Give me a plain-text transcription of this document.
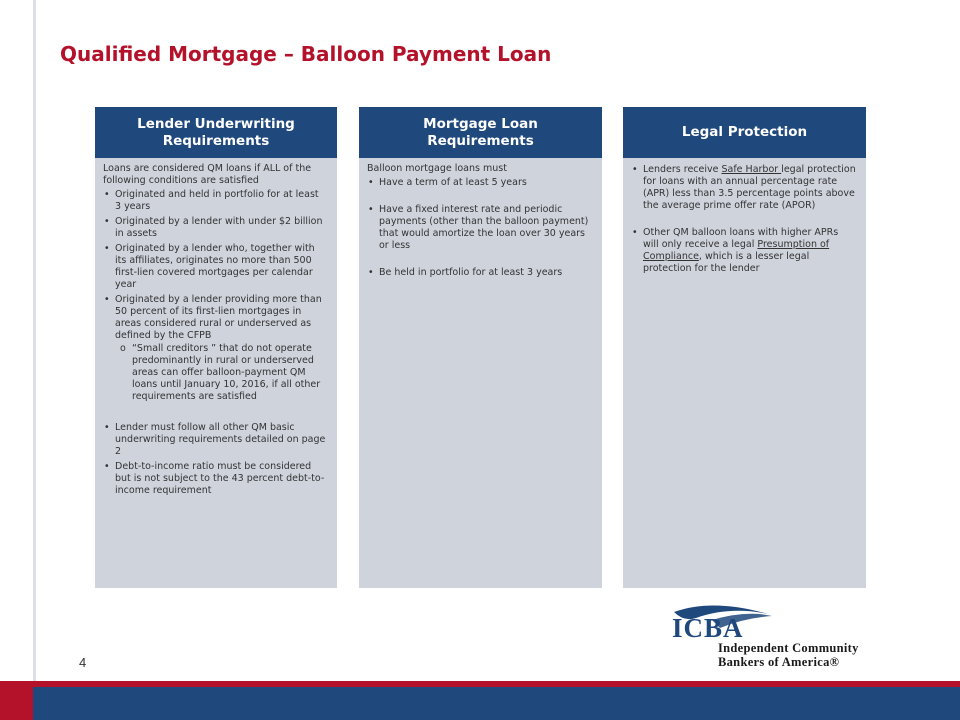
Qualified Mortgage – Balloon Payment Loan
Lender Underwriting Requirements

Loans are considered QM loans if ALL of the following conditions are satisfied

• Originated and held in portfolio for at least 3 years
• Originated by a lender with under $2 billion in assets
• Originated by a lender who, together with its affiliates, originates no more than 500 first-lien covered mortgages per calendar year
• Originated by a lender providing more than 50 percent of its first-lien mortgages in areas considered rural or underserved as defined by the CFPB
o “Small creditors ” that do not operate predominantly in rural or underserved areas can offer balloon-payment QM loans until January 10, 2016, if all other requirements are satisfied
• Lender must follow all other QM basic underwriting requirements detailed on page 2
• Debt-to-income ratio must be considered but is not subject to the 43 percent debt-to-income requirement
Mortgage Loan Requirements

Balloon mortgage loans must

• Have a term of at least 5 years
• Have a fixed interest rate and periodic payments (other than the balloon payment) that would amortize the loan over 30 years or less
• Be held in portfolio for at least 3 years
Legal Protection
• Lenders receive Safe Harbor legal protection for loans with an annual percentage rate (APR) less than 3.5 percentage points above the average prime offer rate (APOR)
• Other QM balloon loans with higher APRs will only receive a legal Presumption of Compliance, which is a lesser legal protection for the lender

4

ICBA
Independent Community
Bankers of America®
